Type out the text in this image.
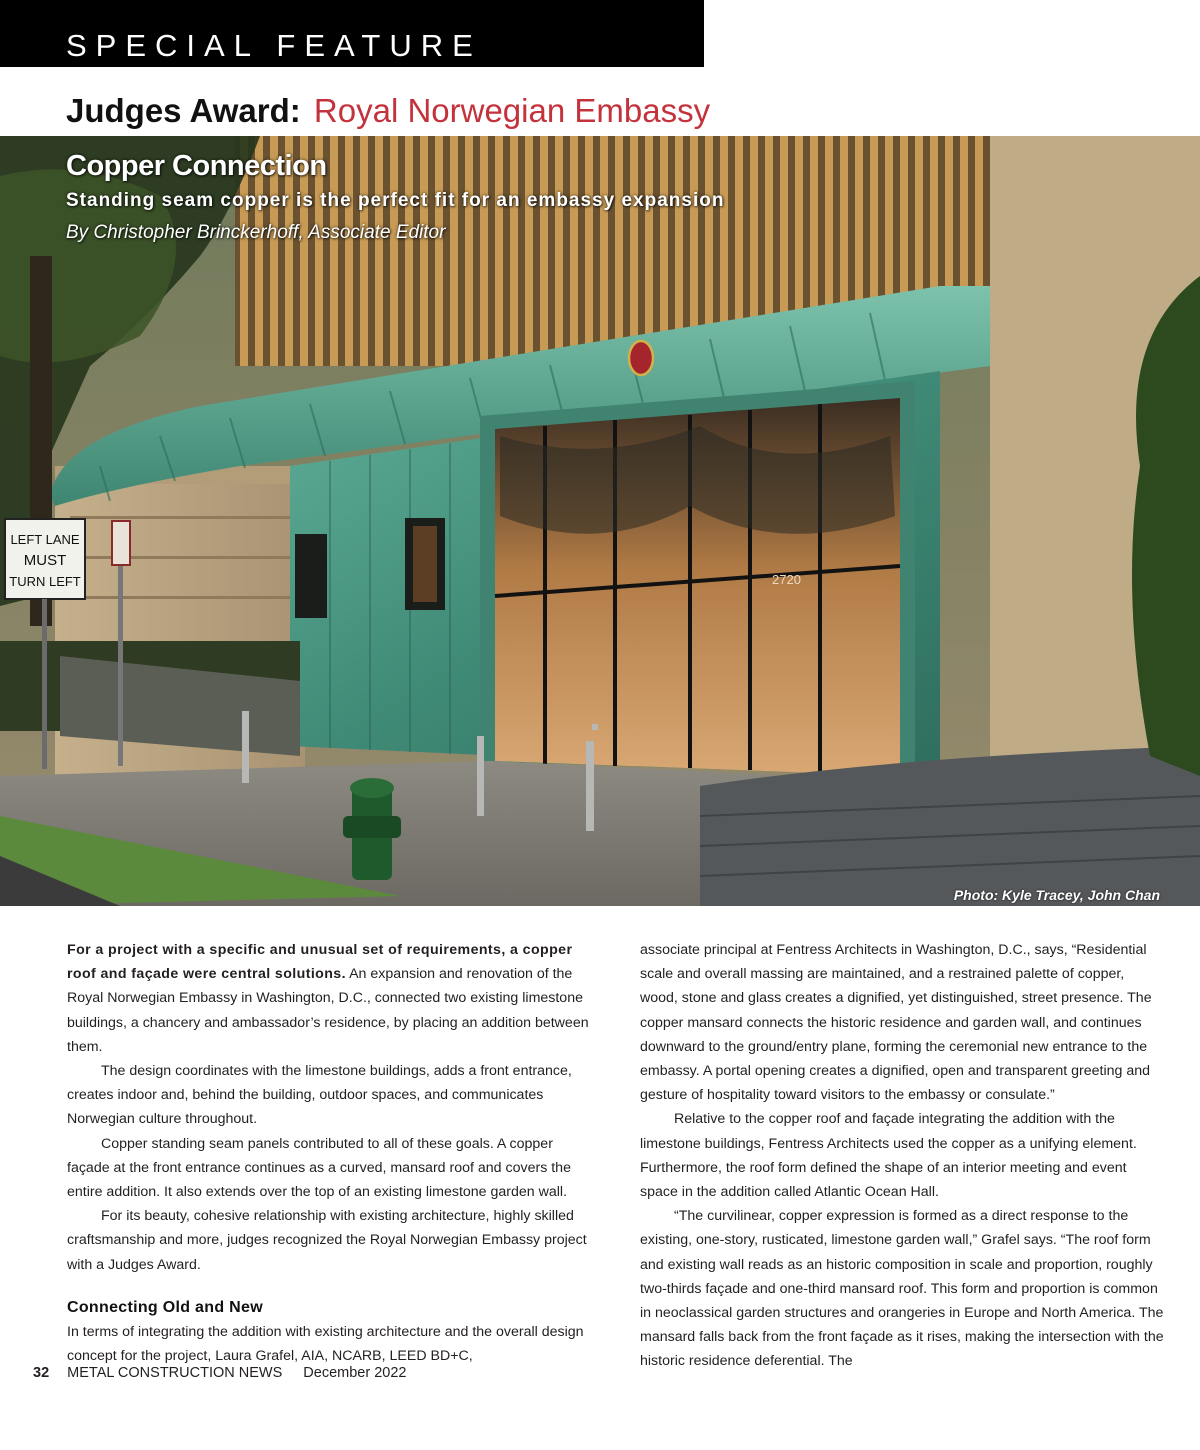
SPECIAL FEATURE
Judges Award: Royal Norwegian Embassy
2720
LEFT LANE
MUST
TURN LEFT
Copper Connection
Standing seam copper is the perfect fit for an embassy expansion
By Christopher Brinckerhoff, Associate Editor
Photo: Kyle Tracey, John Chan

For a project with a specific and unusual set of requirements, a copper roof and façade were central solutions. An expansion and renovation of the Royal Norwegian Embassy in Washington, D.C., connected two existing limestone buildings, a chancery and ambassador’s residence, by placing an addition between them.

The design coordinates with the limestone buildings, adds a front entrance, creates indoor and, behind the building, outdoor spaces, and communicates Norwegian culture throughout.

Copper standing seam panels contributed to all of these goals. A copper façade at the front entrance continues as a curved, mansard roof and covers the entire addition. It also extends over the top of an existing limestone garden wall.

For its beauty, cohesive relationship with existing architecture, highly skilled craftsmanship and more, judges recognized the Royal Norwegian Embassy project with a Judges Award.

Connecting Old and New

In terms of integrating the addition with existing architecture and the overall design concept for the project, Laura Grafel, AIA, NCARB, LEED BD+C,

associate principal at Fentress Architects in Washington, D.C., says, “Residential scale and overall massing are maintained, and a restrained palette of copper, wood, stone and glass creates a dignified, yet distinguished, street presence. The copper mansard connects the historic residence and garden wall, and continues downward to the ground/entry plane, forming the ceremonial new entrance to the embassy. A portal opening creates a dignified, open and transparent greeting and gesture of hospitality toward visitors to the embassy or consulate.”

Relative to the copper roof and façade integrating the addition with the limestone buildings, Fentress Architects used the copper as a unifying element. Furthermore, the roof form defined the shape of an interior meeting and event space in the addition called Atlantic Ocean Hall.

“The curvilinear, copper expression is formed as a direct response to the existing, one-story, rusticated, limestone garden wall,” Grafel says. “The roof form and existing wall reads as an historic composition in scale and proportion, roughly two-thirds façade and one-third mansard roof. This form and proportion is common in neoclassical garden structures and orangeries in Europe and North America. The mansard falls back from the front façade as it rises, making the intersection with the historic residence deferential. The

32 METAL CONSTRUCTION NEWS December 2022
